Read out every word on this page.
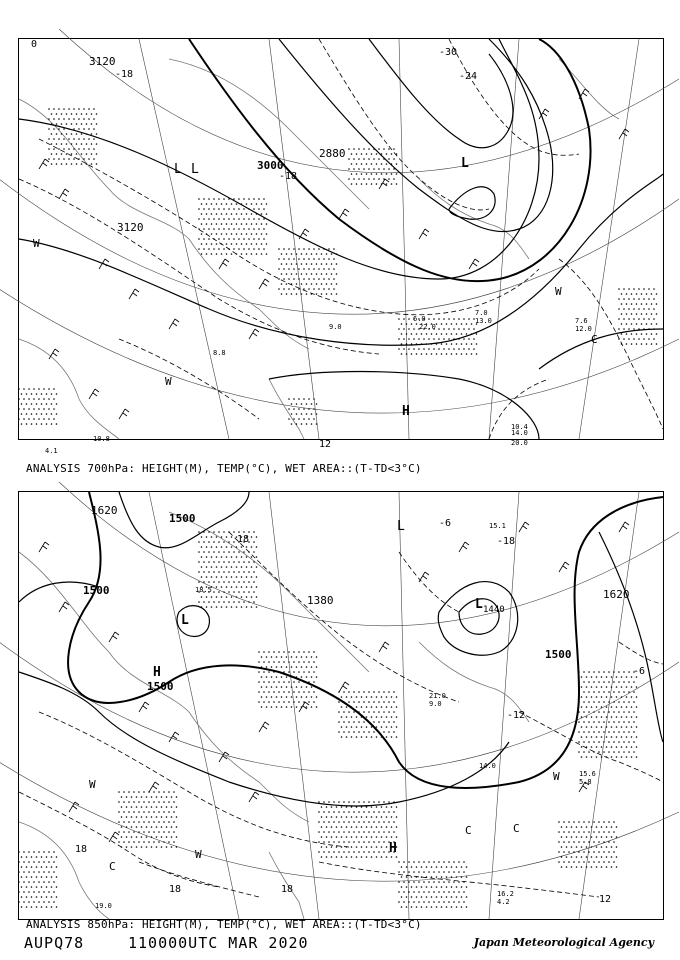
3120
3000
3120
2880
0
-18
-18
12
-24
-30
L L	L
H
W
W
W
C
14.0
10.4
20.0
7.0
13.0
12.0
7.6
9.0	22.0
6.0
8.8
10.8
4.1
ANALYSIS 700hPa: HEIGHT(M), TEMP(°C), WET AREA::(T-TD<3°C)
1500
1620
1500
1500
1500
1380	1620
1440
18
-6
-12
-18
18
18	18
-6
12
L
H
L
L
H
W
W
W
C
C	C
16.2
4.2
15.6
5.8
14.0
19.0
15.1
9.0
21.0
18.5
ANALYSIS 850hPa: HEIGHT(M), TEMP(°C), WET AREA::(T-TD<3°C)
AUPQ78	110000UTC MAR 2020	Japan Meteorological Agency
